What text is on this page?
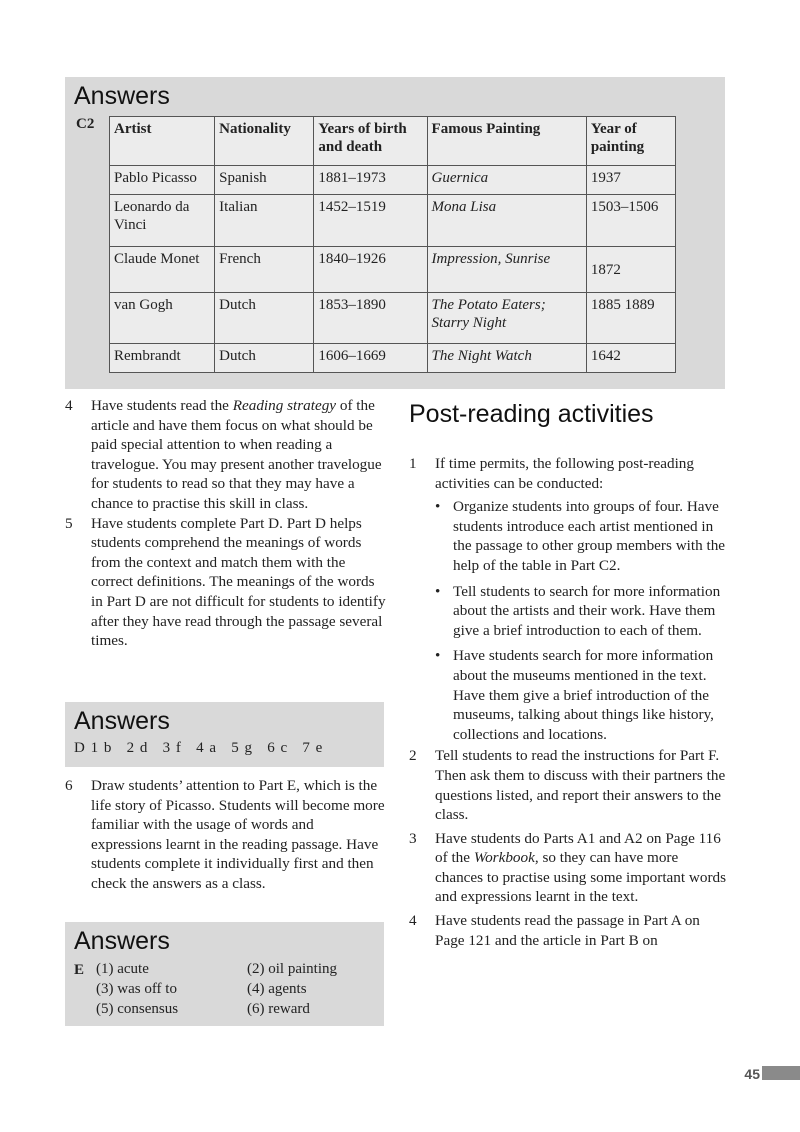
Answers
C2 Artist	Nationality	Years of birth and death	Famous Painting	Year of painting
Pablo Picasso	Spanish	1881–1973	Guernica	1937
Leonardo da Vinci	Italian	1452–1519	Mona Lisa	1503–1506
Claude Monet	French	1840–1926	Impression, Sunrise	1872
van Gogh	Dutch	1853–1890	The Potato Eaters; Starry Night	1885 1889
Rembrandt	Dutch	1606–1669	The Night Watch	1642
4 Have students read the Reading strategy of the article and have them focus on what should be paid special attention to when reading a travelogue. You may present another travelogue for students to read so that they may have a chance to practise this skill in class.
5 Have students complete Part D. Part D helps students comprehend the meanings of words from the context and match them with the correct definitions. The meanings of the words in Part D are not difficult for students to identify after they have read through the passage several times.
Answers
D 1 b   2 d   3 f   4 a   5 g   6 c   7 e
6 Draw students’ attention to Part E, which is the life story of Picasso. Students will become more familiar with the usage of words and expressions learnt in the reading passage. Have students complete it individually first and then check the answers as a class.
Answers
E (1) acute	(2) oil painting
(3) was off to	(4) agents
(5) consensus	(6) reward
Post-reading activities
1 If time permits, the following post-reading activities can be conducted:
• Organize students into groups of four. Have students introduce each artist mentioned in the passage to other group members with the help of the table in Part C2.
• Tell students to search for more information about the artists and their work. Have them give a brief introduction to each of them.
• Have students search for more information about the museums mentioned in the text. Have them give a brief introduction of the museums, talking about things like history, collections and locations.
2 Tell students to read the instructions for Part F. Then ask them to discuss with their partners the questions listed, and report their answers to the class.
3 Have students do Parts A1 and A2 on Page 116 of the Workbook, so they can have more chances to practise using some important words and expressions learnt in the text.
4 Have students read the passage in Part A on Page 121 and the article in Part B on
45
